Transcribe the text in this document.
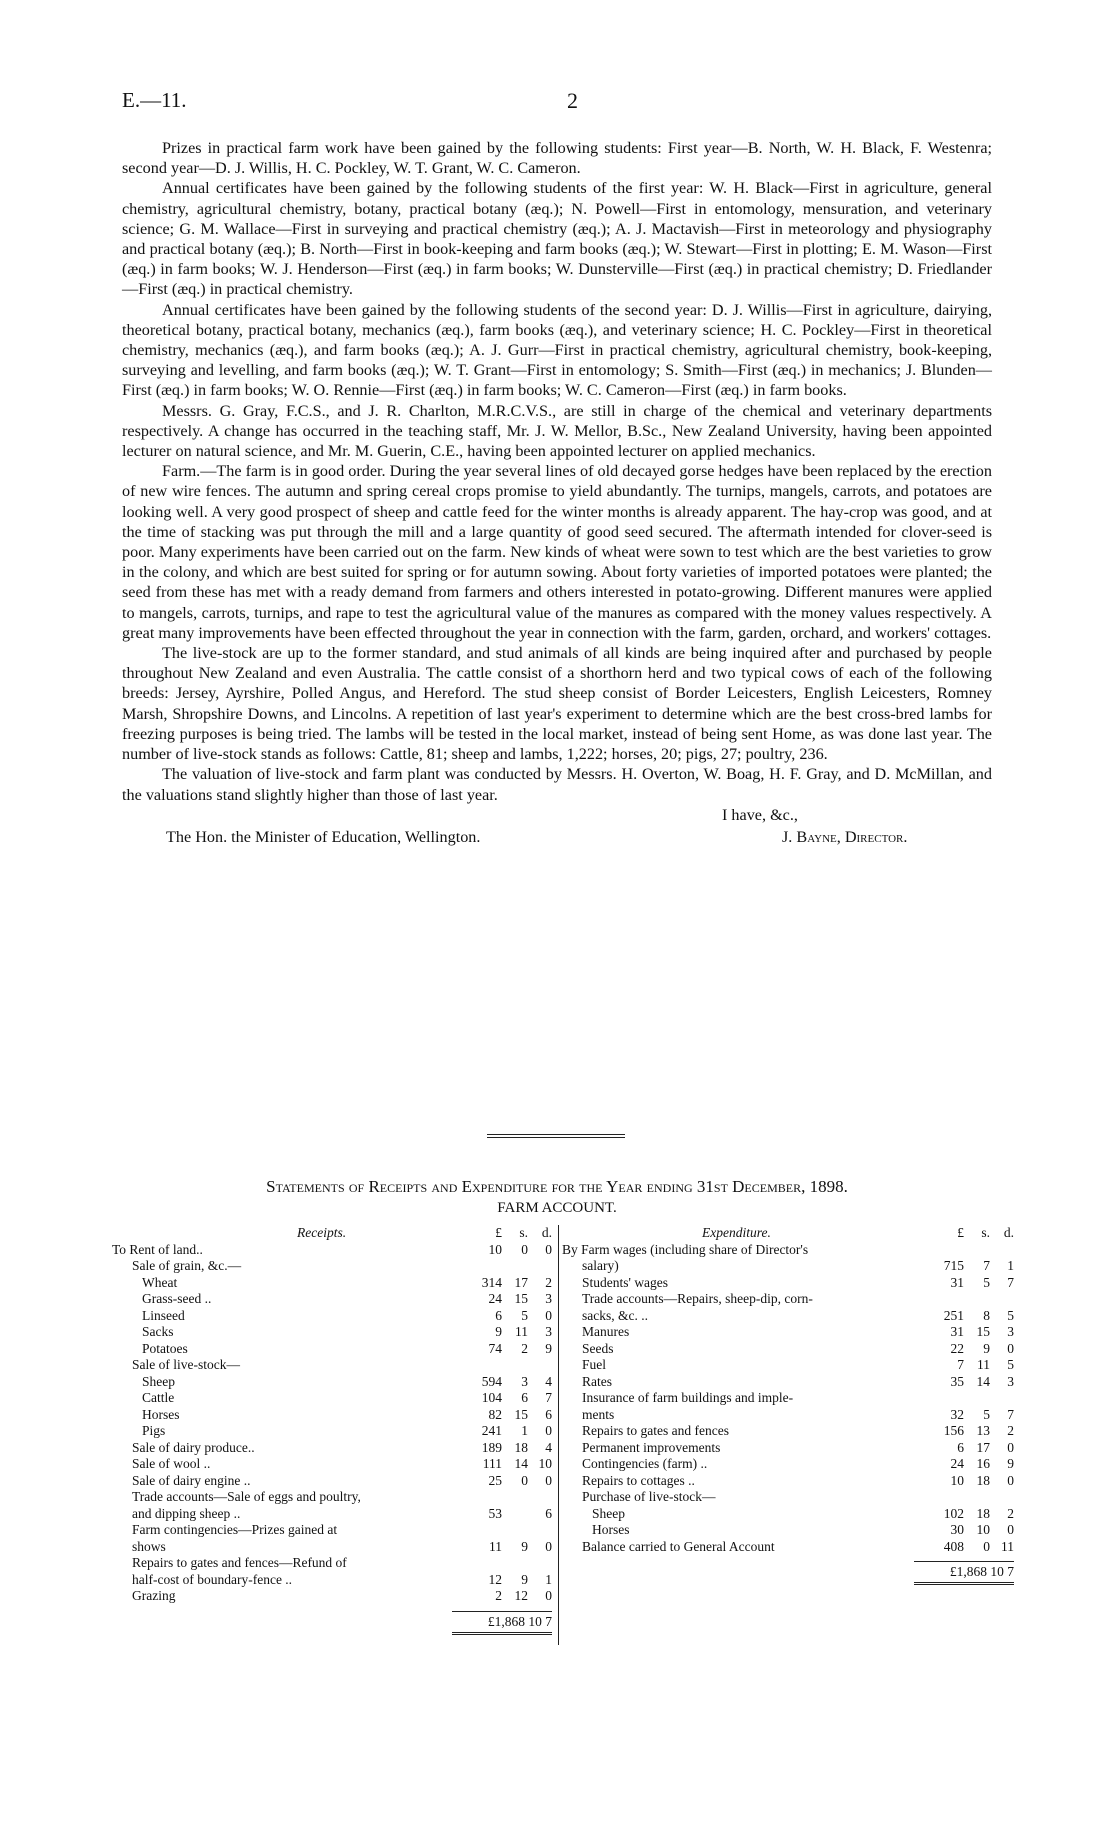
E.—11.	2

Prizes in practical farm work have been gained by the following students: First year—B. North, W. H. Black, F. Westenra; second year—D. J. Willis, H. C. Pockley, W. T. Grant, W. C. Cameron.

Annual certificates have been gained by the following students of the first year: W. H. Black—First in agriculture, general chemistry, agricultural chemistry, botany, practical botany (æq.); N. Powell—First in entomology, mensuration, and veterinary science; G. M. Wallace—First in surveying and practical chemistry (æq.); A. J. Mactavish—First in meteorology and physiography and practical botany (æq.); B. North—First in book-keeping and farm books (æq.); W. Stewart—First in plotting; E. M. Wason—First (æq.) in farm books; W. J. Henderson—First (æq.) in farm books; W. Dunsterville—First (æq.) in practical chemistry; D. Friedlander—First (æq.) in practical chemistry.

Annual certificates have been gained by the following students of the second year: D. J. Willis—First in agriculture, dairying, theoretical botany, practical botany, mechanics (æq.), farm books (æq.), and veterinary science; H. C. Pockley—First in theoretical chemistry, mechanics (æq.), and farm books (æq.); A. J. Gurr—First in practical chemistry, agricultural chemistry, book-keeping, surveying and levelling, and farm books (æq.); W. T. Grant—First in entomology; S. Smith—First (æq.) in mechanics; J. Blunden—First (æq.) in farm books; W. O. Rennie—First (æq.) in farm books; W. C. Cameron—First (æq.) in farm books.

Messrs. G. Gray, F.C.S., and J. R. Charlton, M.R.C.V.S., are still in charge of the chemical and veterinary departments respectively. A change has occurred in the teaching staff, Mr. J. W. Mellor, B.Sc., New Zealand University, having been appointed lecturer on natural science, and Mr. M. Guerin, C.E., having been appointed lecturer on applied mechanics.

Farm.—The farm is in good order. During the year several lines of old decayed gorse hedges have been replaced by the erection of new wire fences. The autumn and spring cereal crops promise to yield abundantly. The turnips, mangels, carrots, and potatoes are looking well. A very good prospect of sheep and cattle feed for the winter months is already apparent. The hay-crop was good, and at the time of stacking was put through the mill and a large quantity of good seed secured. The aftermath intended for clover-seed is poor. Many experiments have been carried out on the farm. New kinds of wheat were sown to test which are the best varieties to grow in the colony, and which are best suited for spring or for autumn sowing. About forty varieties of imported potatoes were planted; the seed from these has met with a ready demand from farmers and others interested in potato-growing. Different manures were applied to mangels, carrots, turnips, and rape to test the agricultural value of the manures as compared with the money values respectively. A great many improvements have been effected throughout the year in connection with the farm, garden, orchard, and workers' cottages.

The live-stock are up to the former standard, and stud animals of all kinds are being inquired after and purchased by people throughout New Zealand and even Australia. The cattle consist of a shorthorn herd and two typical cows of each of the following breeds: Jersey, Ayrshire, Polled Angus, and Hereford. The stud sheep consist of Border Leicesters, English Leicesters, Romney Marsh, Shropshire Downs, and Lincolns. A repetition of last year's experiment to determine which are the best cross-bred lambs for freezing purposes is being tried. The lambs will be tested in the local market, instead of being sent Home, as was done last year. The number of live-stock stands as follows: Cattle, 81; sheep and lambs, 1,222; horses, 20; pigs, 27; poultry, 236.

The valuation of live-stock and farm plant was conducted by Messrs. H. Overton, W. Boag, H. F. Gray, and D. McMillan, and the valuations stand slightly higher than those of last year.

I have, &c.,
The Hon. the Minister of Education, Wellington.	J. Bayne, Director.
Statements of Receipts and Expenditure for the Year ending 31st December, 1898.
FARM ACCOUNT.
Receipts.	£	s.	d.
To Rent of land..	10	0	0
Sale of grain, &c.—			
Wheat	314	17	2
Grass-seed ..	24	15	3
Linseed	6	5	0
Sacks	9	11	3
Potatoes	74	2	9
Sale of live-stock—			
Sheep	594	3	4
Cattle	104	6	7
Horses	82	15	6
Pigs	241	1	0
Sale of dairy produce..	189	18	4
Sale of wool ..	111	14	10
Sale of dairy engine ..	25	0	0
Trade accounts—Sale of eggs and poultry,			
and dipping sheep ..	53		6
Farm contingencies—Prizes gained at			
shows	11	9	0
Repairs to gates and fences—Refund of			
half-cost of boundary-fence ..	12	9	1
Grazing	2	12	0
£1,868 10 7
Expenditure.	£	s.	d.
By Farm wages (including share of Director's			
salary)	715	7	1
Students' wages	31	5	7
Trade accounts—Repairs, sheep-dip, corn-			
sacks, &c. ..	251	8	5
Manures	31	15	3
Seeds	22	9	0
Fuel	7	11	5
Rates	35	14	3
Insurance of farm buildings and imple-			
ments	32	5	7
Repairs to gates and fences	156	13	2
Permanent improvements	6	17	0
Contingencies (farm) ..	24	16	9
Repairs to cottages ..	10	18	0
Purchase of live-stock—			
Sheep	102	18	2
Horses	30	10	0
Balance carried to General Account	408	0	11
£1,868 10 7
